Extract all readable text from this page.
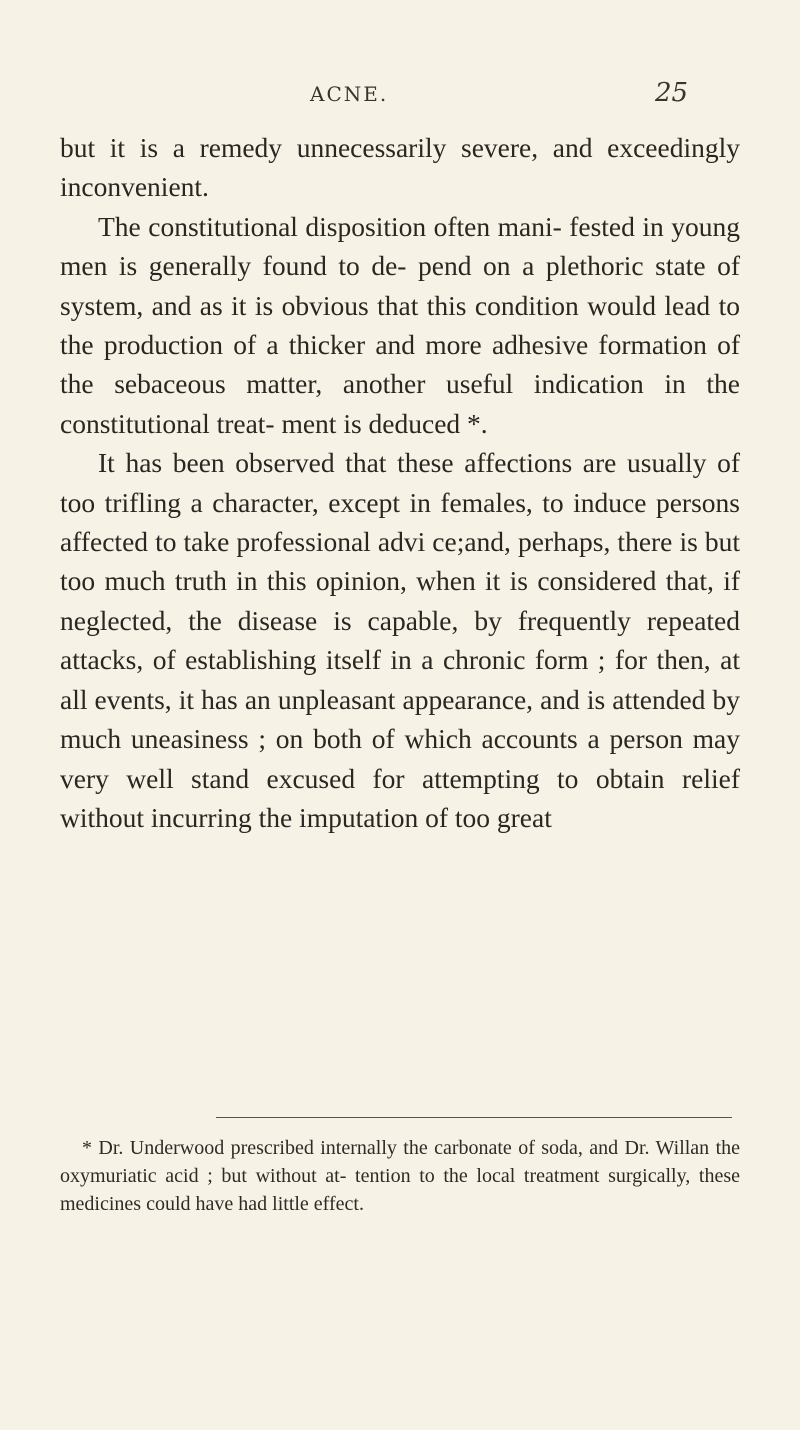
ACNE.	25

but it is a remedy unnecessarily severe, and exceedingly inconvenient.

The constitutional disposition often mani- fested in young men is generally found to de- pend on a plethoric state of system, and as it is obvious that this condition would lead to the production of a thicker and more adhesive formation of the sebaceous matter, another useful indication in the constitutional treat- ment is deduced *.

It has been observed that these affections are usually of too trifling a character, except in females, to induce persons affected to take professional advi ce;and, perhaps, there is but too much truth in this opinion, when it is considered that, if neglected, the disease is capable, by frequently repeated attacks, of establishing itself in a chronic form ; for then, at all events, it has an unpleasant appearance, and is attended by much uneasiness ; on both of which accounts a person may very well stand excused for attempting to obtain relief without incurring the imputation of too great

* Dr. Underwood prescribed internally the carbonate of soda, and Dr. Willan the oxymuriatic acid ; but without at- tention to the local treatment surgically, these medicines could have had little effect.
